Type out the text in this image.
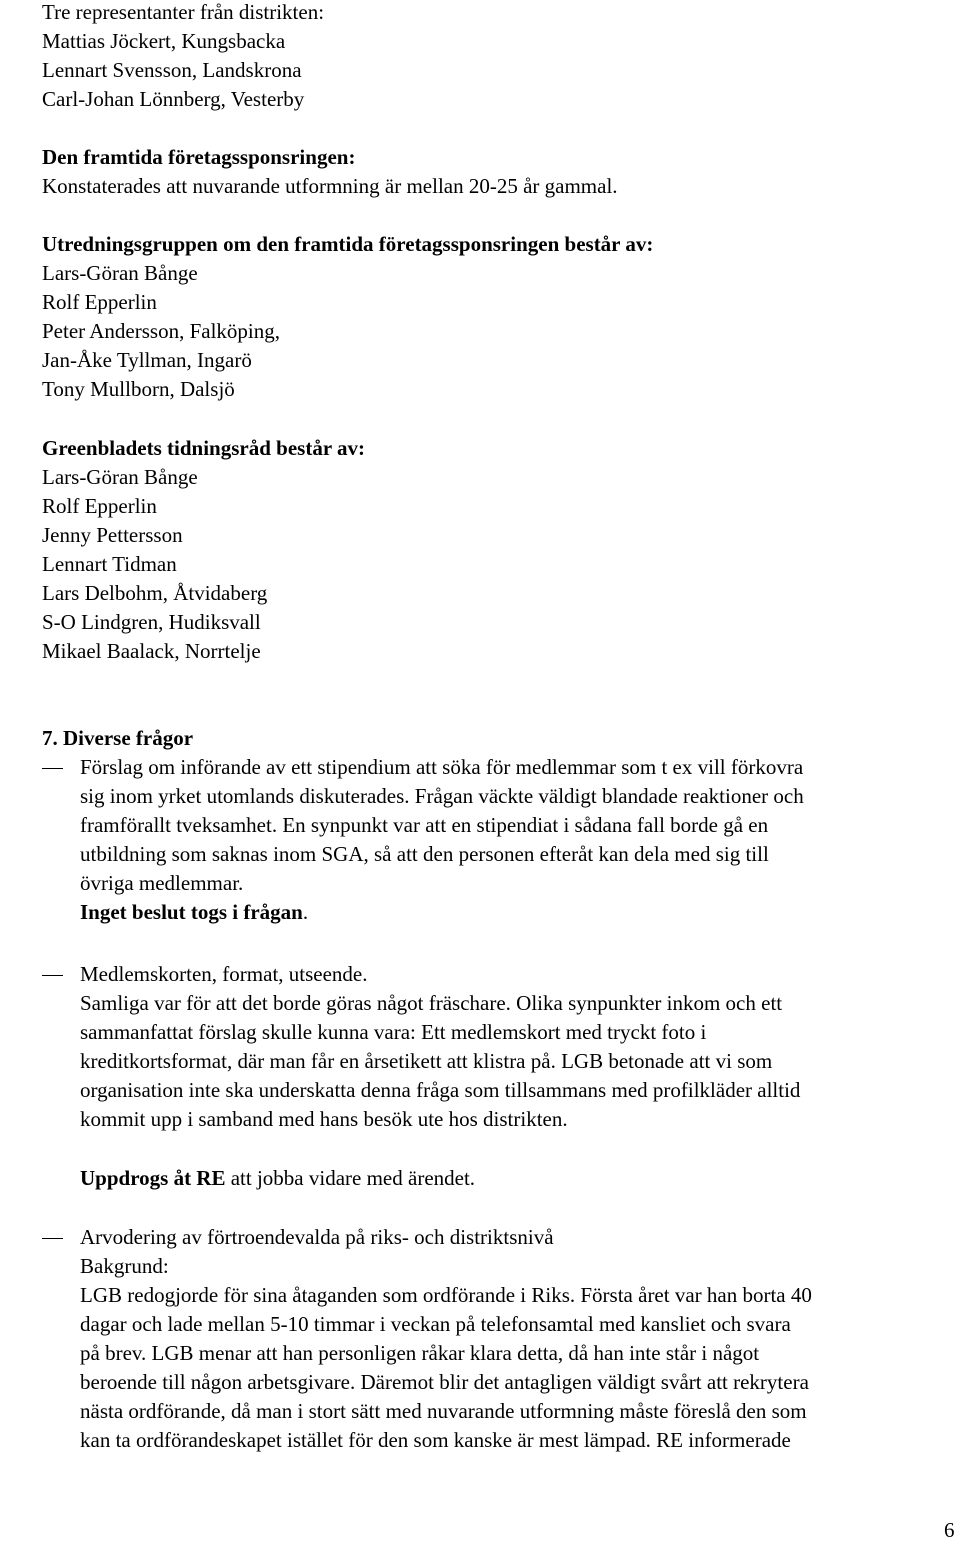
Tre representanter från distrikten:
Mattias Jöckert, Kungsbacka
Lennart Svensson, Landskrona
Carl-Johan Lönnberg, Vesterby
Den framtida företagssponsringen:
Konstaterades att nuvarande utformning är mellan 20-25 år gammal.
Utredningsgruppen om den framtida företagssponsringen består av:
Lars-Göran Bånge
Rolf Epperlin
Peter Andersson, Falköping,
Jan-Åke Tyllman, Ingarö
Tony Mullborn, Dalsjö
Greenbladets tidningsråd består av:
Lars-Göran Bånge
Rolf Epperlin
Jenny Pettersson
Lennart Tidman
Lars Delbohm, Åtvidaberg
S-O Lindgren, Hudiksvall
Mikael Baalack, Norrtelje
7. Diverse frågor
Förslag om införande av ett stipendium att söka för medlemmar som t ex vill förkovra
sig inom yrket utomlands diskuterades. Frågan väckte väldigt blandade reaktioner och
framförallt tveksamhet. En synpunkt var att en stipendiat i sådana fall borde gå en
utbildning som saknas inom SGA, så att den personen efteråt kan dela med sig till
övriga medlemmar.
Inget beslut togs i frågan.
Medlemskorten, format, utseende.
Samliga var för att det borde göras något fräschare. Olika synpunkter inkom och ett
sammanfattat förslag skulle kunna vara: Ett medlemskort med tryckt foto i
kreditkortsformat, där man får en årsetikett att klistra på. LGB betonade att vi som
organisation inte ska underskatta denna fråga som tillsammans med profilkläder alltid
kommit upp i samband med hans besök ute hos distrikten.
Uppdrogs åt RE att jobba vidare med ärendet.
Arvodering av förtroendevalda på riks- och distriktsnivå
Bakgrund:
LGB redogjorde för sina åtaganden som ordförande i Riks. Första året var han borta 40
dagar och lade mellan 5-10 timmar i veckan på telefonsamtal med kansliet och svara
på brev. LGB menar att han personligen råkar klara detta, då han inte står i något
beroende till någon arbetsgivare. Däremot blir det antagligen väldigt svårt att rekrytera
nästa ordförande, då man i stort sätt med nuvarande utformning måste föreslå den som
kan ta ordförandeskapet istället för den som kanske är mest lämpad. RE informerade
6
